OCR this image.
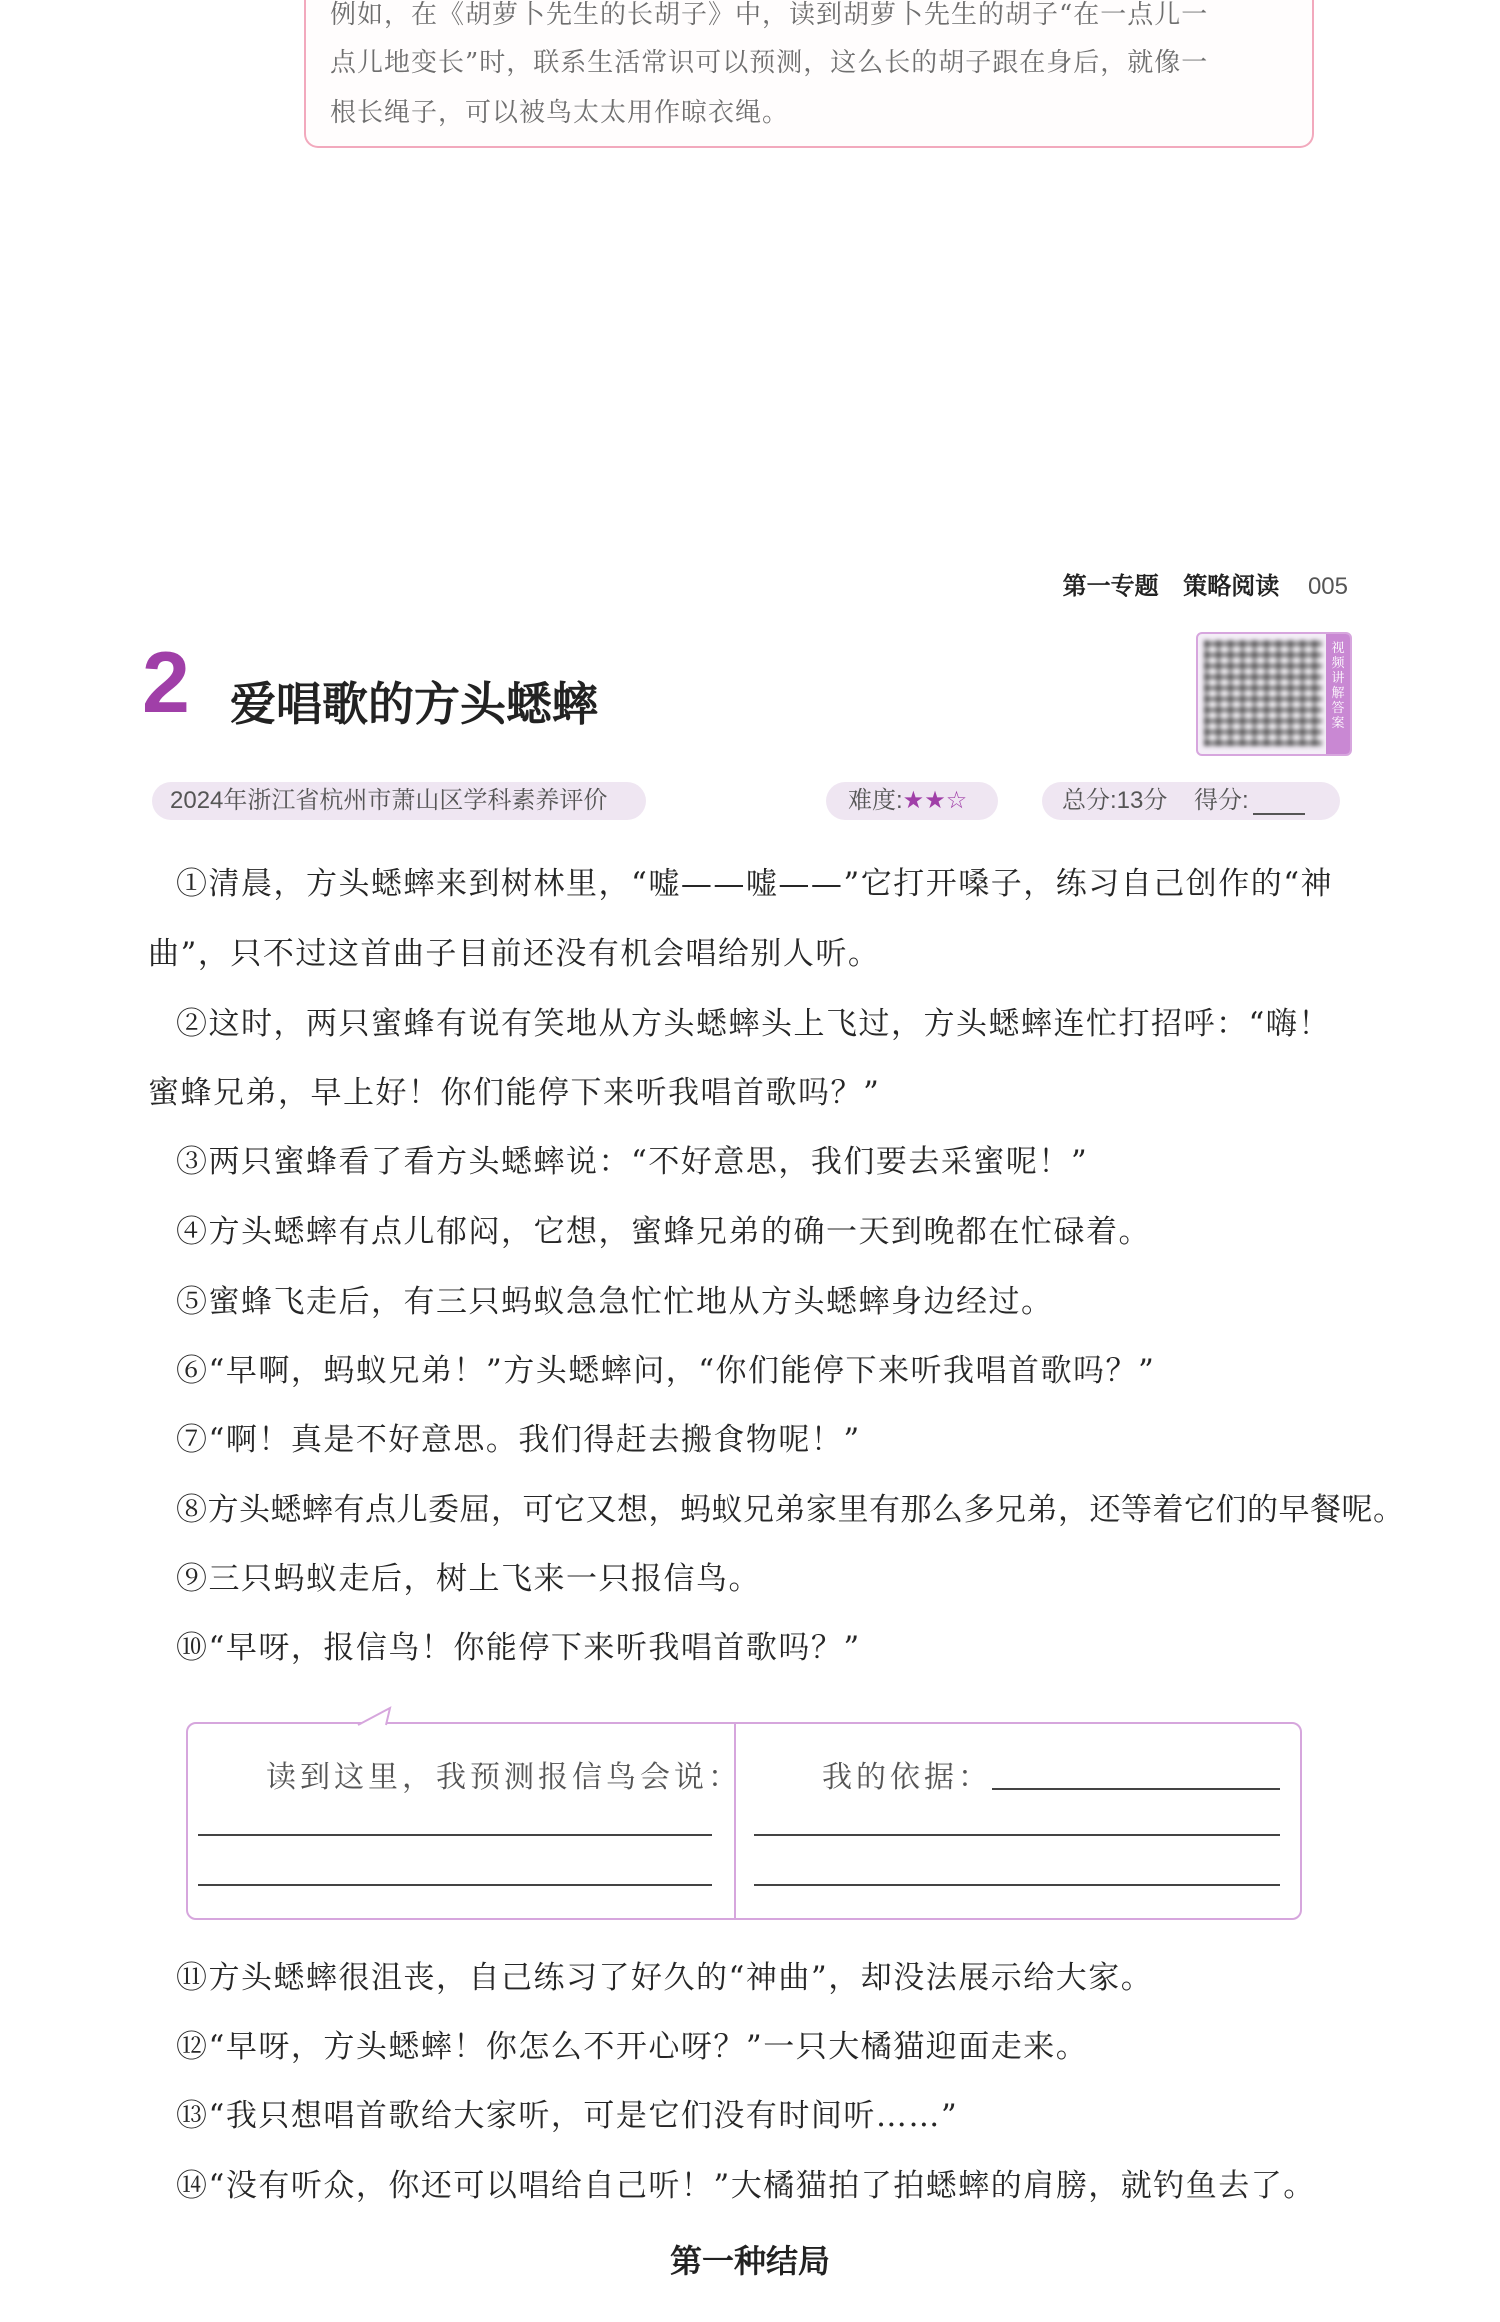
例如，在《胡萝卜先生的长胡子》中，读到胡萝卜先生的胡子“在一点儿一
点儿地变长”时，联系生活常识可以预测，这么长的胡子跟在身后，就像一
根长绳子，可以被鸟太太用作晾衣绳。
第一专题 策略阅读 005
2 爱唱歌的方头蟋蟀
视频讲解答案
2024年浙江省杭州市萧山区学科素养评价	难度:★★☆	总分:13分 得分:
①清晨，方头蟋蟀来到树林里，“嘘——嘘——”它打开嗓子，练习自己创作的“神
曲”，只不过这首曲子目前还没有机会唱给别人听。
②这时，两只蜜蜂有说有笑地从方头蟋蟀头上飞过，方头蟋蟀连忙打招呼：“嗨！
蜜蜂兄弟，早上好！你们能停下来听我唱首歌吗？”
③两只蜜蜂看了看方头蟋蟀说：“不好意思，我们要去采蜜呢！”
④方头蟋蟀有点儿郁闷，它想，蜜蜂兄弟的确一天到晚都在忙碌着。
⑤蜜蜂飞走后，有三只蚂蚁急急忙忙地从方头蟋蟀身边经过。
⑥“早啊，蚂蚁兄弟！”方头蟋蟀问，“你们能停下来听我唱首歌吗？”
⑦“啊！真是不好意思。我们得赶去搬食物呢！”
⑧方头蟋蟀有点儿委屈，可它又想，蚂蚁兄弟家里有那么多兄弟，还等着它们的早餐呢。
⑨三只蚂蚁走后，树上飞来一只报信鸟。
⑩“早呀，报信鸟！你能停下来听我唱首歌吗？”
读到这里，我预测报信鸟会说：	我的依据：
⑪方头蟋蟀很沮丧，自己练习了好久的“神曲”，却没法展示给大家。
⑫“早呀，方头蟋蟀！你怎么不开心呀？”一只大橘猫迎面走来。
⑬“我只想唱首歌给大家听，可是它们没有时间听……”
⑭“没有听众，你还可以唱给自己听！”大橘猫拍了拍蟋蟀的肩膀，就钓鱼去了。
第一种结局
